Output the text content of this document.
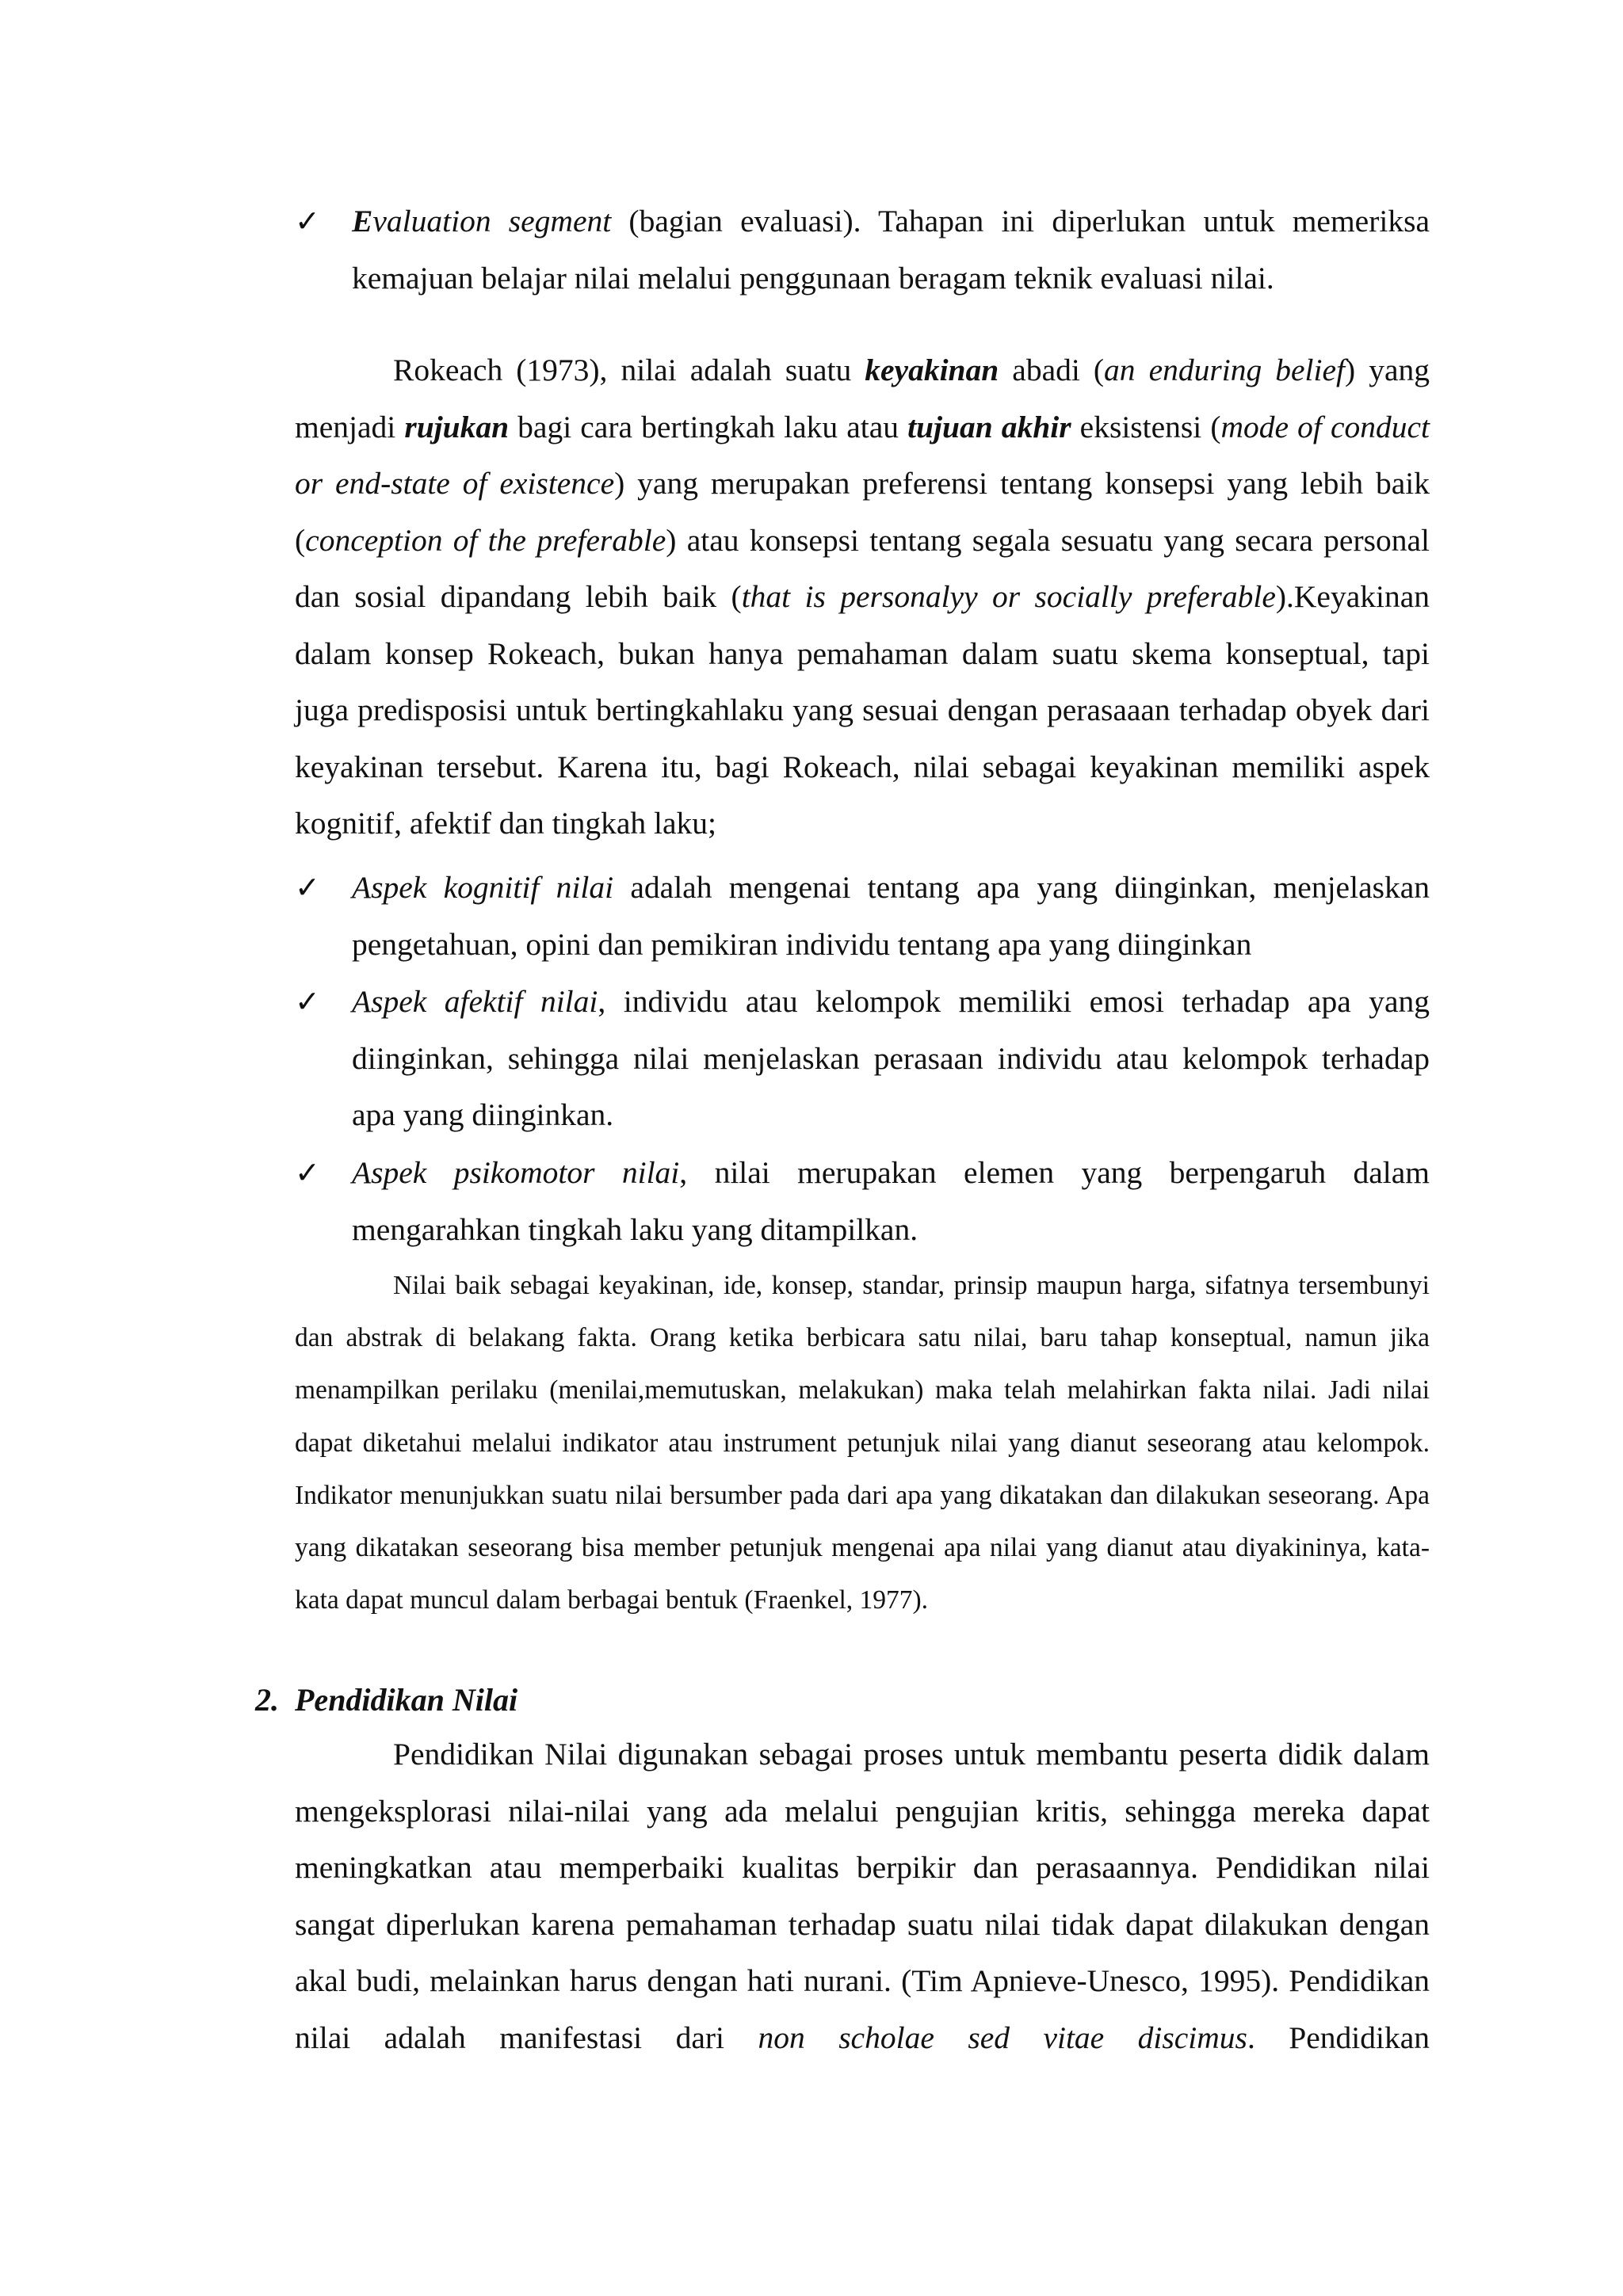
✓ Evaluation segment (bagian evaluasi). Tahapan ini diperlukan untuk memeriksa kemajuan belajar nilai melalui penggunaan beragam teknik evaluasi nilai.
Rokeach (1973), nilai adalah suatu keyakinan abadi (an enduring belief) yang menjadi rujukan bagi cara bertingkah laku atau tujuan akhir eksistensi (mode of conduct or end-state of existence) yang merupakan preferensi tentang konsepsi yang lebih baik (conception of the preferable) atau konsepsi tentang segala sesuatu yang secara personal dan sosial dipandang lebih baik (that is personalyy or socially preferable).Keyakinan dalam konsep Rokeach, bukan hanya pemahaman dalam suatu skema konseptual, tapi juga predisposisi untuk bertingkahlaku yang sesuai dengan perasaaan terhadap obyek dari keyakinan tersebut. Karena itu, bagi Rokeach, nilai sebagai keyakinan memiliki aspek kognitif, afektif dan tingkah laku;
✓ Aspek kognitif nilai adalah mengenai tentang apa yang diinginkan, menjelaskan pengetahuan, opini dan pemikiran individu tentang apa yang diinginkan
✓ Aspek afektif nilai, individu atau kelompok memiliki emosi terhadap apa yang diinginkan, sehingga nilai menjelaskan perasaan individu atau kelompok terhadap apa yang diinginkan.
✓ Aspek psikomotor nilai, nilai merupakan elemen yang berpengaruh dalam mengarahkan tingkah laku yang ditampilkan.
Nilai baik sebagai keyakinan, ide, konsep, standar, prinsip maupun harga, sifatnya tersembunyi dan abstrak di belakang fakta. Orang ketika berbicara satu nilai, baru tahap konseptual, namun jika menampilkan perilaku (menilai,memutuskan, melakukan) maka telah melahirkan fakta nilai. Jadi nilai dapat diketahui melalui indikator atau instrument petunjuk nilai yang dianut seseorang atau kelompok. Indikator menunjukkan suatu nilai bersumber pada dari apa yang dikatakan dan dilakukan seseorang. Apa yang dikatakan seseorang bisa member petunjuk mengenai apa nilai yang dianut atau diyakininya, kata-kata dapat muncul dalam berbagai bentuk (Fraenkel, 1977).
2. Pendidikan Nilai
Pendidikan Nilai digunakan sebagai proses untuk membantu peserta didik dalam mengeksplorasi nilai-nilai yang ada melalui pengujian kritis, sehingga mereka dapat meningkatkan atau memperbaiki kualitas berpikir dan perasaannya. Pendidikan nilai sangat diperlukan karena pemahaman terhadap suatu nilai tidak dapat dilakukan dengan akal budi, melainkan harus dengan hati nurani. (Tim Apnieve-Unesco, 1995). Pendidikan nilai adalah manifestasi dari non scholae sed vitae discimus. Pendidikan
